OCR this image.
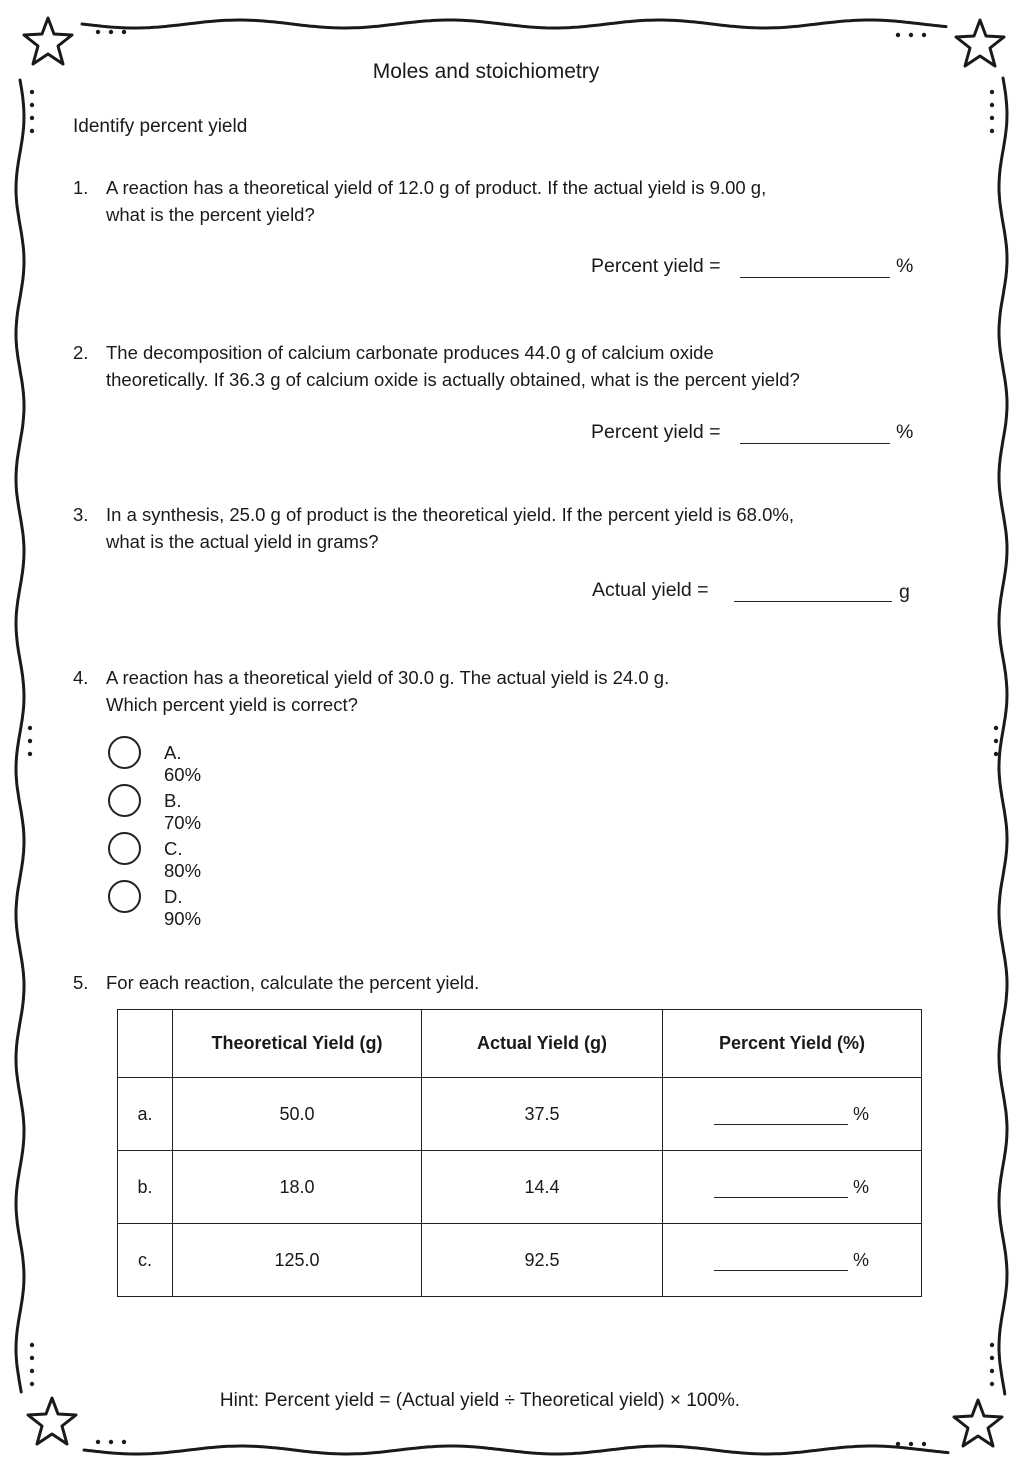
Moles and stoichiometry
Identify percent yield
1. A reaction has a theoretical yield of 12.0 g of product. If the actual yield is 9.00 g,
what is the percent yield?
Percent yield =	%
2. The decomposition of calcium carbonate produces 44.0 g of calcium oxide
theoretically. If 36.3 g of calcium oxide is actually obtained, what is the percent yield?
Percent yield =	%
3. In a synthesis, 25.0 g of product is the theoretical yield. If the percent yield is 68.0%,
what is the actual yield in grams?
Actual yield =	g
4. A reaction has a theoretical yield of 30.0 g. The actual yield is 24.0 g.
Which percent yield is correct?
A. 60%
B. 70%
C. 80%
D. 90%
5. For each reaction, calculate the percent yield.
	Theoretical Yield (g)	Actual Yield (g)	Percent Yield (%)
a.	50.0	37.5	%

b.	18.0	14.4	%

c.	125.0	92.5	%
Hint: Percent yield = (Actual yield ÷ Theoretical yield) × 100%.
